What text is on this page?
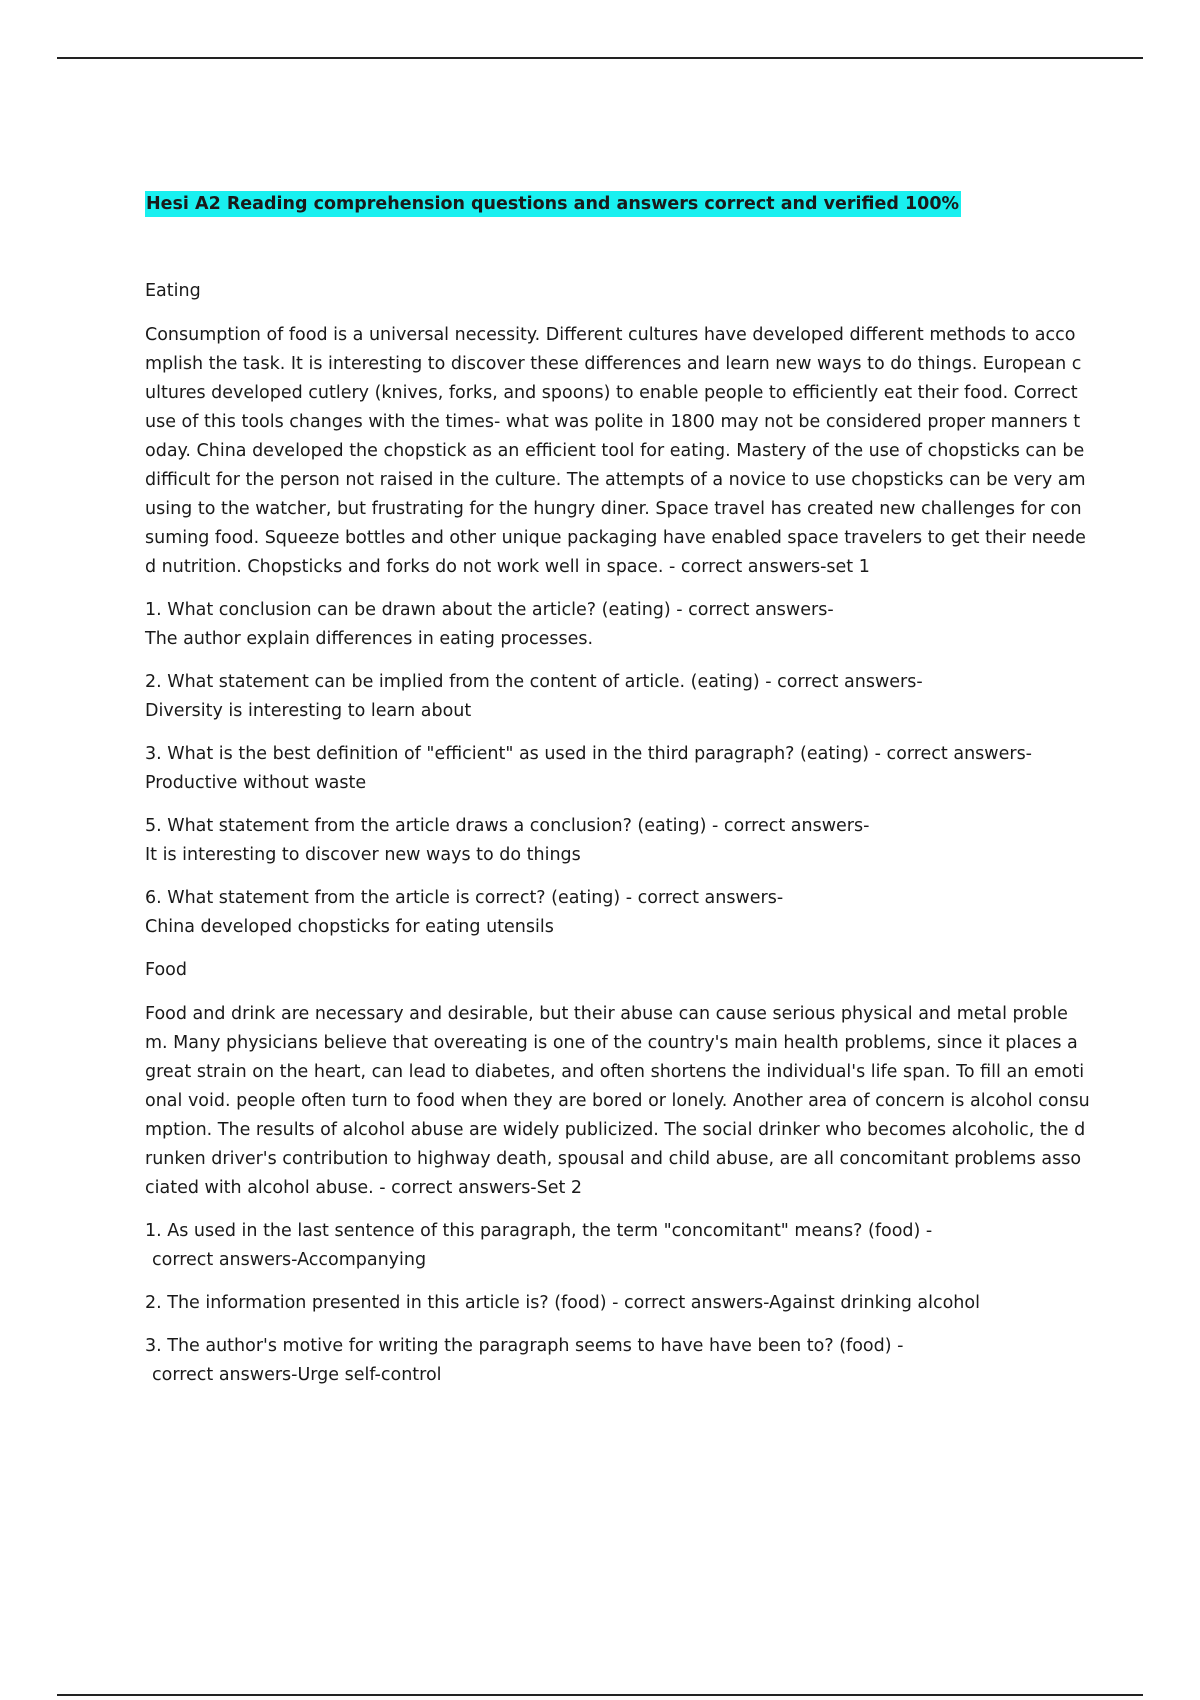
Hesi A2 Reading comprehension questions and answers correct and verified 100%
Eating
Consumption of food is a universal necessity. Different cultures have developed different methods to accomplish the task. It is interesting to discover these differences and learn new ways to do things. European cultures developed cutlery (knives, forks, and spoons) to enable people to efficiently eat their food. Correct use of this tools changes with the times- what was polite in 1800 may not be considered proper manners today. China developed the chopstick as an efficient tool for eating. Mastery of the use of chopsticks can be difficult for the person not raised in the culture. The attempts of a novice to use chopsticks can be very amusing to the watcher, but frustrating for the hungry diner. Space travel has created new challenges for consuming food. Squeeze bottles and other unique packaging have enabled space travelers to get their needed nutrition. Chopsticks and forks do not work well in space. - correct answers-set 1
1. What conclusion can be drawn about the article? (eating) - correct answers-
The author explain differences in eating processes.
2. What statement can be implied from the content of article. (eating) - correct answers-
Diversity is interesting to learn about
3. What is the best definition of "efficient" as used in the third paragraph? (eating) - correct answers-
Productive without waste
5. What statement from the article draws a conclusion? (eating) - correct answers-
It is interesting to discover new ways to do things
6. What statement from the article is correct? (eating) - correct answers-
China developed chopsticks for eating utensils
Food
Food and drink are necessary and desirable, but their abuse can cause serious physical and metal problem. Many physicians believe that overeating is one of the country's main health problems, since it places a great strain on the heart, can lead to diabetes, and often shortens the individual's life span. To fill an emotional void. people often turn to food when they are bored or lonely. Another area of concern is alcohol consumption. The results of alcohol abuse are widely publicized. The social drinker who becomes alcoholic, the drunken driver's contribution to highway death, spousal and child abuse, are all concomitant problems associated with alcohol abuse. - correct answers-Set 2
1. As used in the last sentence of this paragraph, the term "concomitant" means? (food) -
correct answers-Accompanying
2. The information presented in this article is? (food) - correct answers-Against drinking alcohol
3. The author's motive for writing the paragraph seems to have have been to? (food) -
correct answers-Urge self-control
